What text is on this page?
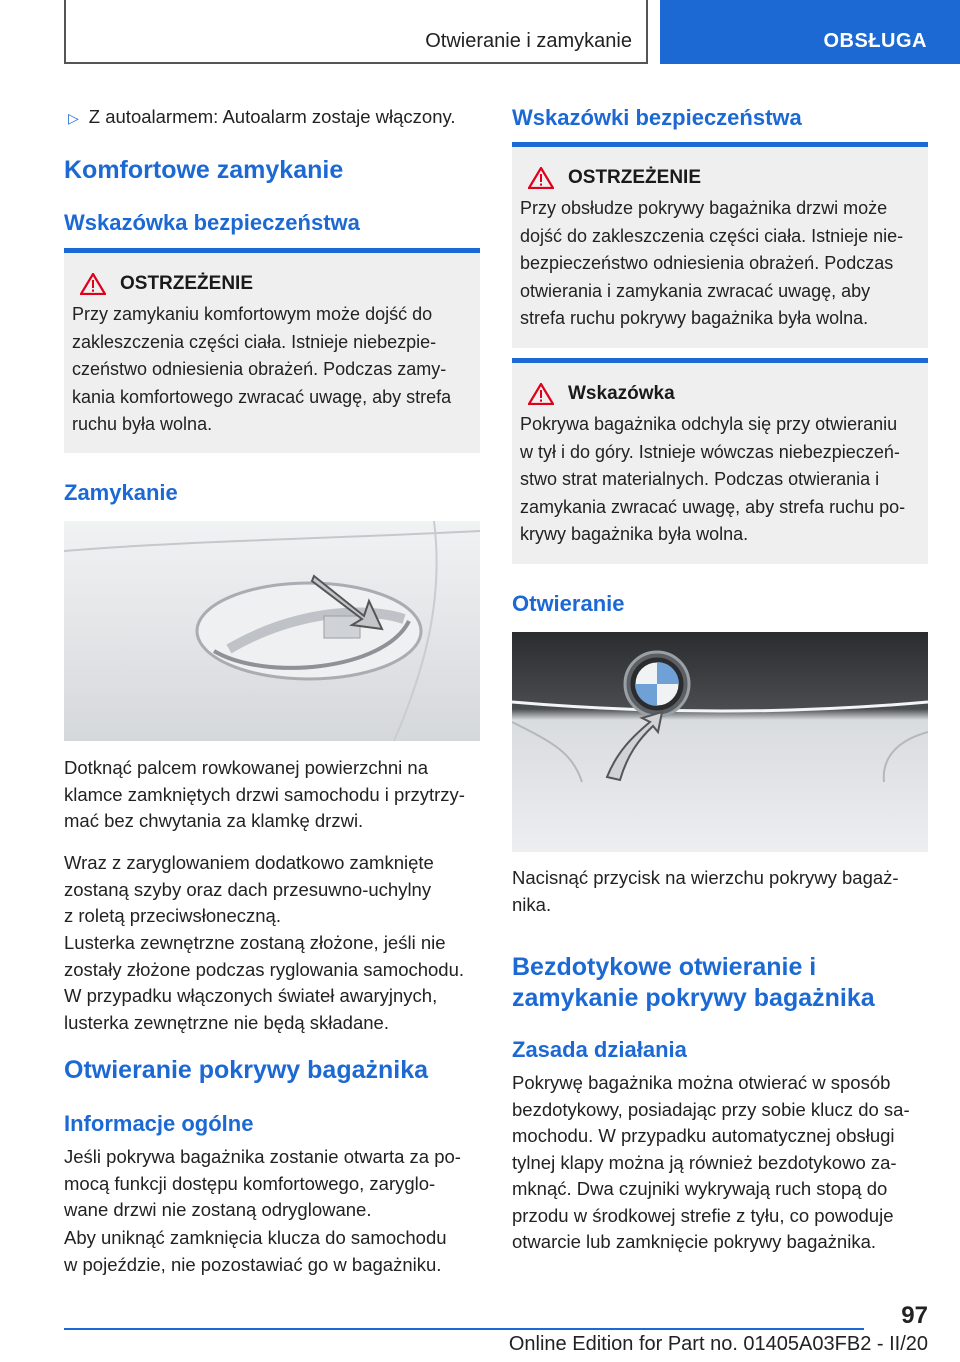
Otwieranie i zamykanie	OBSŁUGA

▷ Z autoalarmem: Autoalarm zostaje włączony.

Komfortowe zamykanie
Wskazówka bezpieczeństwa
OSTRZEŻENIE

Przy zamykaniu komfortowym może dojść do

zakleszczenia części ciała. Istnieje niebezpie-

czeństwo odniesienia obrażeń. Podczas zamy-

kania komfortowego zwracać uwagę, aby strefa

ruchu była wolna.

Zamykanie

Dotknąć palcem rowkowanej powierzchni na

klamce zamkniętych drzwi samochodu i przytrzy-

mać bez chwytania za klamkę drzwi.

Wraz z zaryglowaniem dodatkowo zamknięte

zostaną szyby oraz dach przesuwno-uchylny

z roletą przeciwsłoneczną.

Lusterka zewnętrzne zostaną złożone, jeśli nie

zostały złożone podczas ryglowania samochodu.

W przypadku włączonych świateł awaryjnych,

lusterka zewnętrzne nie będą składane.

Otwieranie pokrywy bagażnika
Informacje ogólne

Jeśli pokrywa bagażnika zostanie otwarta za po-

mocą funkcji dostępu komfortowego, zaryglo-

wane drzwi nie zostaną odryglowane.

Aby uniknąć zamknięcia klucza do samochodu

w pojeździe, nie pozostawiać go w bagażniku.

Wskazówki bezpieczeństwa
OSTRZEŻENIE

Przy obsłudze pokrywy bagażnika drzwi może

dojść do zakleszczenia części ciała. Istnieje nie-

bezpieczeństwo odniesienia obrażeń. Podczas

otwierania i zamykania zwracać uwagę, aby

strefa ruchu pokrywy bagażnika była wolna.

Wskazówka

Pokrywa bagażnika odchyla się przy otwieraniu

w tył i do góry. Istnieje wówczas niebezpieczeń-

stwo strat materialnych. Podczas otwierania i

zamykania zwracać uwagę, aby strefa ruchu po-

krywy bagażnika była wolna.

Otwieranie

Nacisnąć przycisk na wierzchu pokrywy bagaż-

nika.

Bezdotykowe otwieranie i

zamykanie pokrywy bagażnika

Zasada działania

Pokrywę bagażnika można otwierać w sposób

bezdotykowy, posiadając przy sobie klucz do sa-

mochodu. W przypadku automatycznej obsługi

tylnej klapy można ją również bezdotykowo za-

mknąć. Dwa czujniki wykrywają ruch stopą do

przodu w środkowej strefie z tyłu, co powoduje

otwarcie lub zamknięcie pokrywy bagażnika.

97
Online Edition for Part no. 01405A03FB2 - II/20
